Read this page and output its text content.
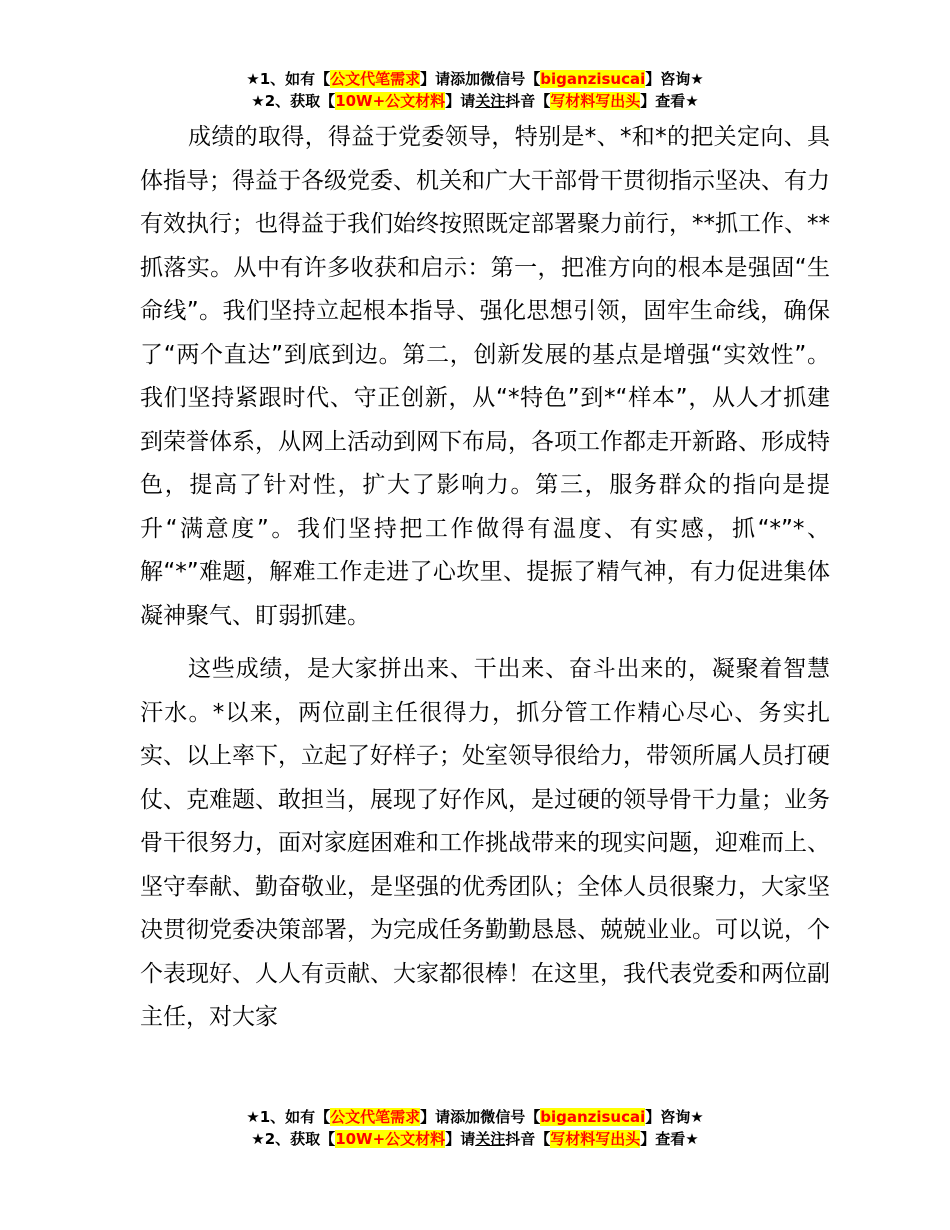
★1、如有【公文代笔需求】请添加微信号【biganzisucai】咨询★
★2、获取【10W+公文材料】请关注抖音【写材料写出头】查看★

成绩的取得，得益于党委领导，特别是*、*和*的把关定向、具体指导；得益于各级党委、机关和广大干部骨干贯彻指示坚决、有力有效执行；也得益于我们始终按照既定部署聚力前行，**抓工作、**抓落实。从中有许多收获和启示：第一，把准方向的根本是强固“生命线”。我们坚持立起根本指导、强化思想引领，固牢生命线，确保了“两个直达”到底到边。第二，创新发展的基点是增强“实效性”。我们坚持紧跟时代、守正创新，从“*特色”到*“样本”，从人才抓建到荣誉体系，从网上活动到网下布局，各项工作都走开新路、形成特色，提高了针对性，扩大了影响力。第三，服务群众的指向是提升“满意度”。我们坚持把工作做得有温度、有实感，抓“*”*、解“*”难题，解难工作走进了心坎里、提振了精气神，有力促进集体凝神聚气、盯弱抓建。

这些成绩，是大家拼出来、干出来、奋斗出来的，凝聚着智慧汗水。*以来，两位副主任很得力，抓分管工作精心尽心、务实扎实、以上率下，立起了好样子；处室领导很给力，带领所属人员打硬仗、克难题、敢担当，展现了好作风，是过硬的领导骨干力量；业务骨干很努力，面对家庭困难和工作挑战带来的现实问题，迎难而上、坚守奉献、勤奋敬业，是坚强的优秀团队；全体人员很聚力，大家坚决贯彻党委决策部署，为完成任务勤勤恳恳、兢兢业业。可以说，个个表现好、人人有贡献、大家都很棒！在这里，我代表党委和两位副主任，对大家

★1、如有【公文代笔需求】请添加微信号【biganzisucai】咨询★
★2、获取【10W+公文材料】请关注抖音【写材料写出头】查看★
